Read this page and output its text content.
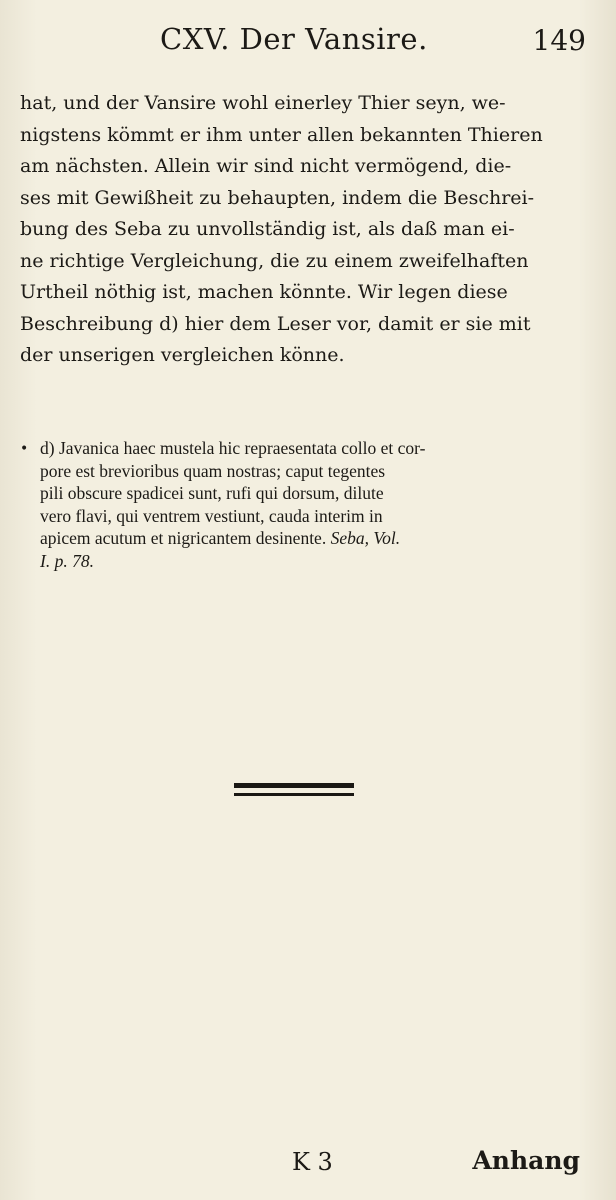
CXV. Der Vansire.	149
hat, und der Vansire wohl einerley Thier seyn, we-
nigstens kömmt er ihm unter allen bekannten Thieren
am nächsten. Allein wir sind nicht vermögend, die-
ses mit Gewißheit zu behaupten, indem die Beschrei-
bung des Seba zu unvollständig ist, als daß man ei-
ne richtige Vergleichung, die zu einem zweifelhaften
Urtheil nöthig ist, machen könnte. Wir legen diese
Beschreibung d) hier dem Leser vor, damit er sie mit
der unserigen vergleichen könne.
• d) Javanica haec mustela hic repraesentata collo et cor-
pore est brevioribus quam nostras; caput tegentes
pili obscure spadicei sunt, rufi qui dorsum, dilute
vero flavi, qui ventrem vestiunt, cauda interim in
apicem acutum et nigricantem desinente. Seba, Vol.
I. p. 78.
K 3	Anhang
